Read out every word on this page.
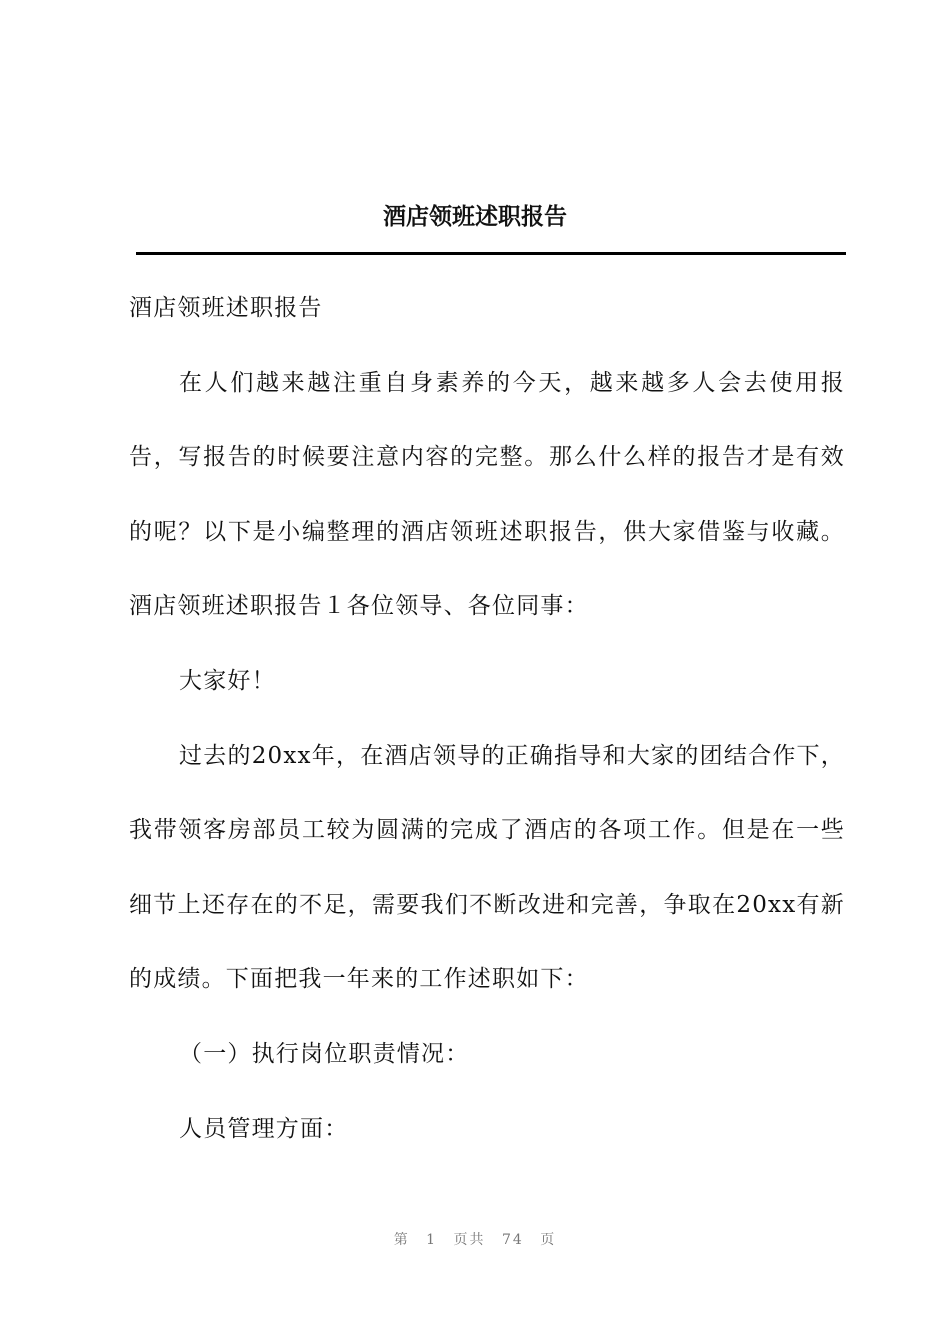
酒店领班述职报告

酒店领班述职报告

在人们越来越注重自身素养的今天，越来越多人会去使用报告，写报告的时候要注意内容的完整。那么什么样的报告才是有效的呢？以下是小编整理的酒店领班述职报告，供大家借鉴与收藏。酒店领班述职报告１各位领导、各位同事：

大家好！

过去的20xx年，在酒店领导的正确指导和大家的团结合作下，我带领客房部员工较为圆满的完成了酒店的各项工作。但是在一些细节上还存在的不足，需要我们不断改进和完善，争取在20xx有新的成绩。下面把我一年来的工作述职如下：

（一）执行岗位职责情况：

人员管理方面：

第 1 页共 74 页
